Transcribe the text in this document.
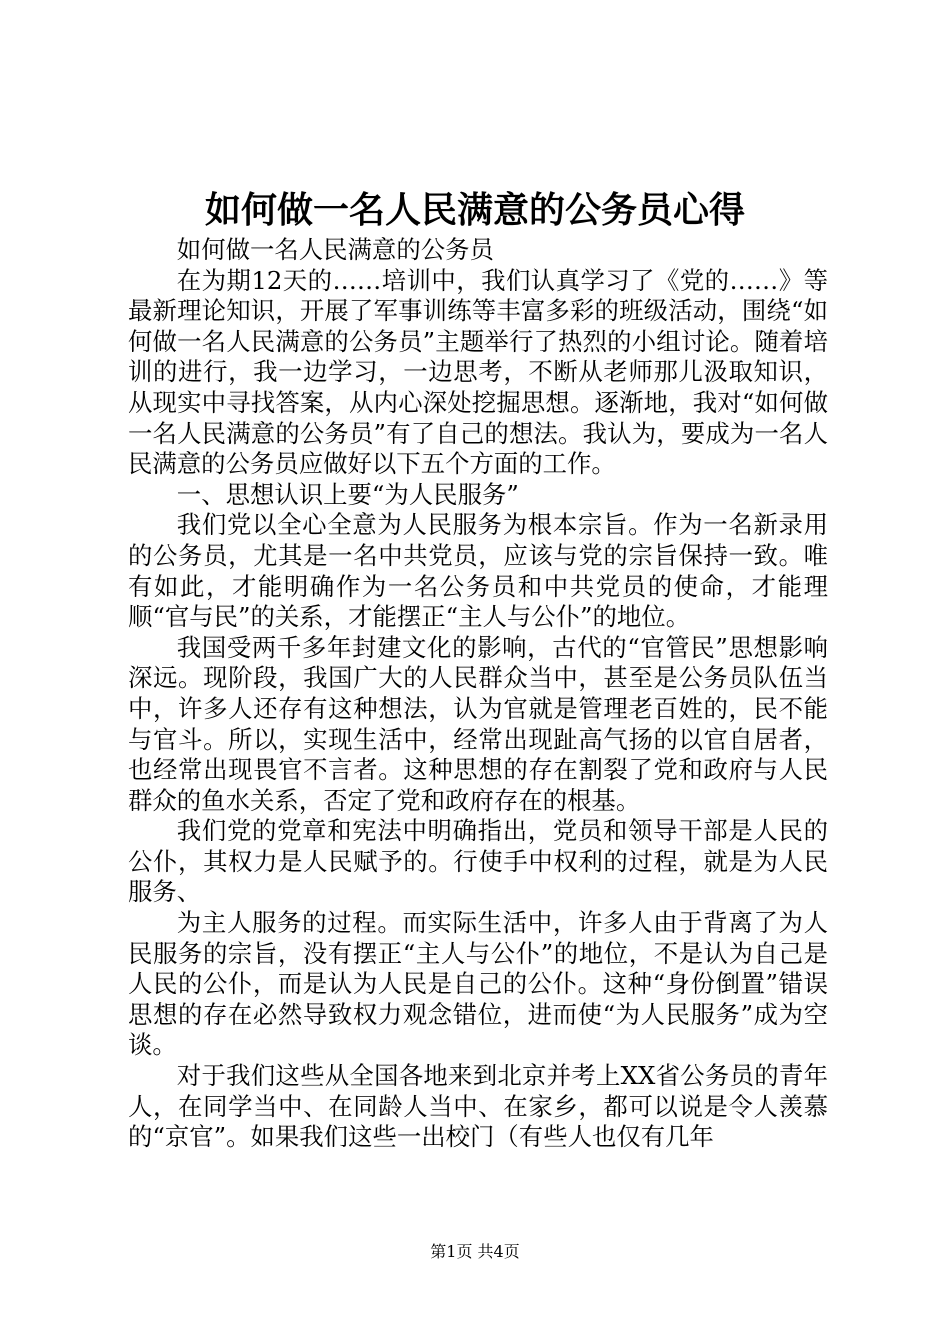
如何做一名人民满意的公务员心得

如何做一名人民满意的公务员

在为期12天的……培训中，我们认真学习了《党的……》等最新理论知识，开展了军事训练等丰富多彩的班级活动，围绕“如何做一名人民满意的公务员”主题举行了热烈的小组讨论。随着培训的进行，我一边学习，一边思考，不断从老师那儿汲取知识，从现实中寻找答案，从内心深处挖掘思想。逐渐地，我对“如何做一名人民满意的公务员”有了自己的想法。我认为，要成为一名人民满意的公务员应做好以下五个方面的工作。

一、思想认识上要“为人民服务”

我们党以全心全意为人民服务为根本宗旨。作为一名新录用的公务员，尤其是一名中共党员，应该与党的宗旨保持一致。唯有如此，才能明确作为一名公务员和中共党员的使命，才能理顺“官与民”的关系，才能摆正“主人与公仆”的地位。

我国受两千多年封建文化的影响，古代的“官管民”思想影响深远。现阶段，我国广大的人民群众当中，甚至是公务员队伍当中，许多人还存有这种想法，认为官就是管理老百姓的，民不能与官斗。所以，实现生活中，经常出现趾高气扬的以官自居者，也经常出现畏官不言者。这种思想的存在割裂了党和政府与人民群众的鱼水关系，否定了党和政府存在的根基。

我们党的党章和宪法中明确指出，党员和领导干部是人民的公仆，其权力是人民赋予的。行使手中权利的过程，就是为人民服务、

为主人服务的过程。而实际生活中，许多人由于背离了为人民服务的宗旨，没有摆正“主人与公仆”的地位，不是认为自己是人民的公仆，而是认为人民是自己的公仆。这种“身份倒置”错误思想的存在必然导致权力观念错位，进而使“为人民服务”成为空谈。

对于我们这些从全国各地来到北京并考上XX省公务员的青年人，在同学当中、在同龄人当中、在家乡，都可以说是令人羡慕的“京官”。如果我们这些一出校门（有些人也仅有几年

第1页 共4页
